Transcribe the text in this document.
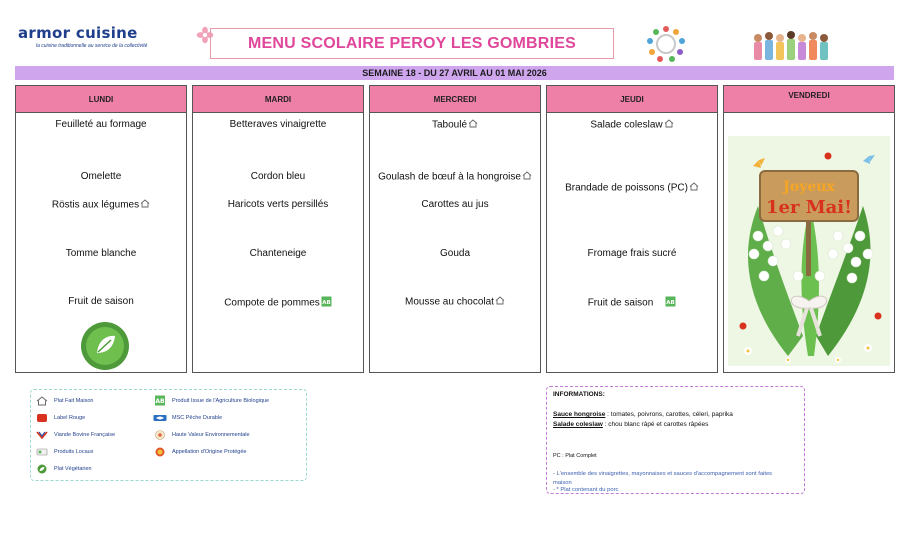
armor cuisine
la cuisine traditionnelle au service de la collectivité	MENU SCOLAIRE PEROY LES GOMBRIES
SEMAINE 18 - DU 27 AVRIL AU 01 MAI 2026
LUNDI
Feuilleté au formage
Omelette
Röstis aux légumes
Tomme blanche
Fruit de saison
MARDI
Betteraves vinaigrette
Cordon bleu
Haricots verts persillés
Chanteneige
Compote de pommes AB
MERCREDI
Taboulé
Goulash de bœuf à la hongroise
Carottes au jus
Gouda
Mousse au chocolat
JEUDI
Salade coleslaw
Brandade de poissons (PC)
Fromage frais sucré
Fruit de saison AB
VENDREDI
Joyeux
1er Mai!
Plat Fait Maison
Label Rouge
Viande Bovine Française
Produits Locaux
Plat Végétarien
AB Produit Issue de l'Agriculture Biologique
MSC Pêche Durable
Haute Valeur Environnementale
Appellation d'Origine Protégée
INFORMATIONS:
Sauce hongroise : tomates, poivrons, carottes, céleri, paprika
Salade coleslaw : chou blanc râpé et carottes râpées
PC : Plat Complet
- L'ensemble des vinaigrettes, mayonnaises et sauces d'accompagnement sont faites
maison
- * Plat contenant du porc
